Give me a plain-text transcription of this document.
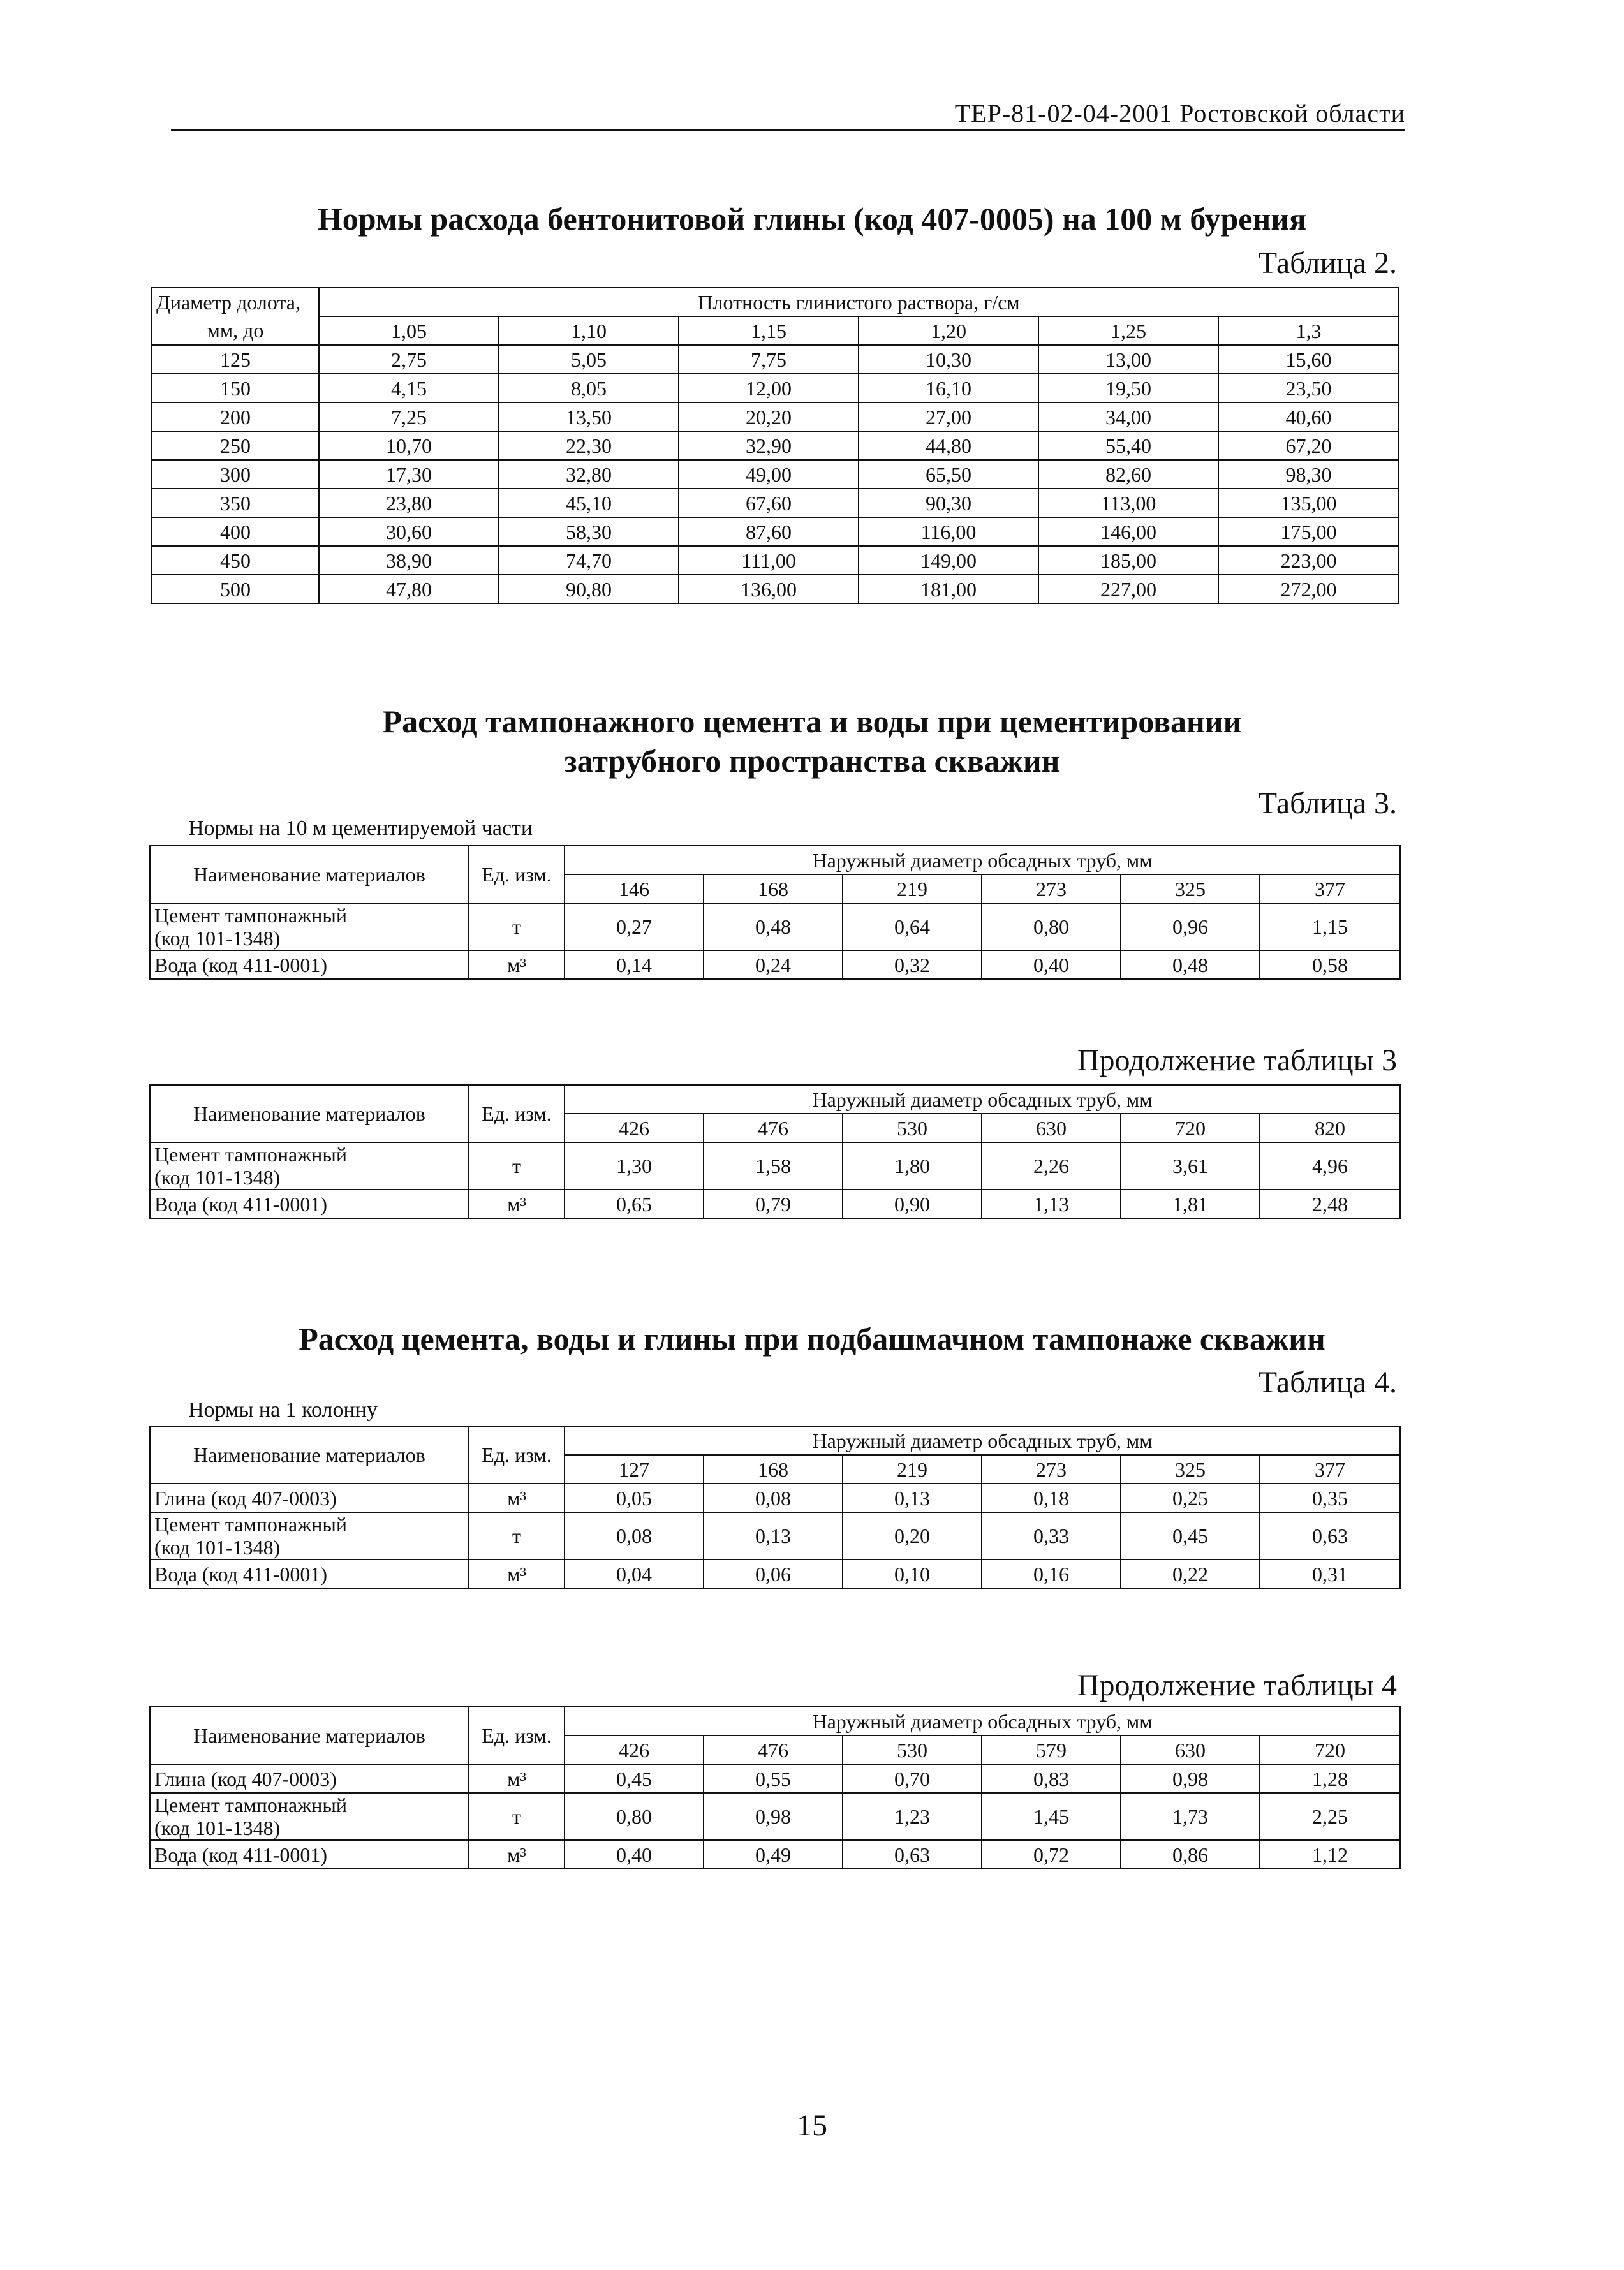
ТЕР-81-02-04-2001 Ростовской области
Нормы расхода бентонитовой глины (код 407-0005) на 100 м бурения
Таблица 2.
Диаметр долота,	Плотность глинистого раствора, г/см					
мм, до	1,05	1,10	1,15	1,20	1,25	1,3
125	2,75	5,05	7,75	10,30	13,00	15,60
150	4,15	8,05	12,00	16,10	19,50	23,50
200	7,25	13,50	20,20	27,00	34,00	40,60
250	10,70	22,30	32,90	44,80	55,40	67,20
300	17,30	32,80	49,00	65,50	82,60	98,30
350	23,80	45,10	67,60	90,30	113,00	135,00
400	30,60	58,30	87,60	116,00	146,00	175,00
450	38,90	74,70	111,00	149,00	185,00	223,00
500	47,80	90,80	136,00	181,00	227,00	272,00
Расход тампонажного цемента и воды при цементировании
затрубного пространства скважин
Таблица 3.
Нормы на 10 м цементируемой части
Наименование материалов	Ед. изм.	Наружный диаметр обсадных труб, мм					
		146	168	219	273	325	377

Цемент тампонажный
(код 101-1348)	т	0,27	0,48	0,64	0,80	0,96	1,15

Вода (код 411-0001)	м³	0,14	0,24	0,32	0,40	0,48	0,58
Продолжение таблицы 3
Наименование материалов	Ед. изм.	Наружный диаметр обсадных труб, мм					
		426	476	530	630	720	820

Цемент тампонажный
(код 101-1348)	т	1,30	1,58	1,80	2,26	3,61	4,96

Вода (код 411-0001)	м³	0,65	0,79	0,90	1,13	1,81	2,48
Расход цемента, воды и глины при подбашмачном тампонаже скважин
Таблица 4.
Нормы на 1 колонну
Наименование материалов	Ед. изм.	Наружный диаметр обсадных труб, мм					
		127	168	219	273	325	377

Глина (код 407-0003)	м³	0,05	0,08	0,13	0,18	0,25	0,35

Цемент тампонажный
(код 101-1348)	т	0,08	0,13	0,20	0,33	0,45	0,63

Вода (код 411-0001)	м³	0,04	0,06	0,10	0,16	0,22	0,31
Продолжение таблицы 4
Наименование материалов	Ед. изм.	Наружный диаметр обсадных труб, мм					
		426	476	530	579	630	720

Глина (код 407-0003)	м³	0,45	0,55	0,70	0,83	0,98	1,28

Цемент тампонажный
(код 101-1348)	т	0,80	0,98	1,23	1,45	1,73	2,25

Вода (код 411-0001)	м³	0,40	0,49	0,63	0,72	0,86	1,12
15
